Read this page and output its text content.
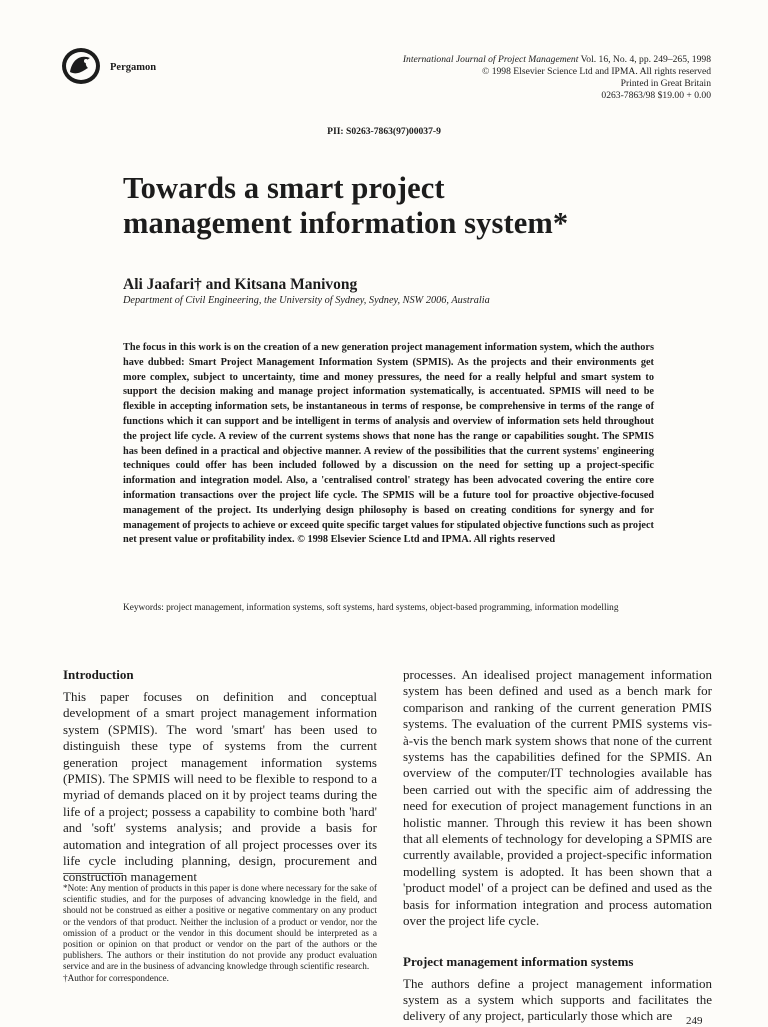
Pergamon
International Journal of Project Management Vol. 16, No. 4, pp. 249–265, 1998
© 1998 Elsevier Science Ltd and IPMA. All rights reserved
Printed in Great Britain
0263-7863/98 $19.00 + 0.00
PII: S0263-7863(97)00037-9
Towards a smart project
management information system*
Ali Jaafari† and Kitsana Manivong
Department of Civil Engineering, the University of Sydney, Sydney, NSW 2006, Australia
The focus in this work is on the creation of a new generation project management information system, which the authors have dubbed: Smart Project Management Information System (SPMIS). As the projects and their environments get more complex, subject to uncertainty, time and money pressures, the need for a really helpful and smart system to support the decision making and manage project information systematically, is accentuated. SPMIS will need to be flexible in accepting information sets, be instantaneous in terms of response, be comprehensive in terms of the range of functions which it can support and be intelligent in terms of analysis and overview of information sets held throughout the project life cycle. A review of the current systems shows that none has the range or capabilities sought. The SPMIS has been defined in a practical and objective manner. A review of the possibilities that the current systems' engineering techniques could offer has been included followed by a discussion on the need for setting up a project-specific information and integration model. Also, a 'centralised control' strategy has been advocated covering the entire core information transactions over the project life cycle. The SPMIS will be a future tool for proactive objective-focused management of the project. Its underlying design philosophy is based on creating conditions for synergy and for management of projects to achieve or exceed quite specific target values for stipulated objective functions such as project net present value or profitability index. © 1998 Elsevier Science Ltd and IPMA. All rights reserved
Keywords: project management, information systems, soft systems, hard systems, object-based programming, information modelling
Introduction

This paper focuses on definition and conceptual development of a smart project management information system (SPMIS). The word 'smart' has been used to distinguish these type of systems from the current generation project management information systems (PMIS). The SPMIS will need to be flexible to respond to a myriad of demands placed on it by project teams during the life of a project; possess a capability to combine both 'hard' and 'soft' systems analysis; and provide a basis for automation and integration of all project processes over its life cycle including planning, design, procurement and construction management

*Note: Any mention of products in this paper is done where necessary for the sake of scientific studies, and for the purposes of advancing knowledge in the field, and should not be construed as either a positive or negative commentary on any product or the vendors of that product. Neither the inclusion of a product or vendor, nor the omission of a product or the vendor in this document should be interpreted as a position or opinion on that product or vendor on the part of the authors or the publishers. The authors or their institution do not provide any product evaluation service and are in the business of advancing knowledge through scientific research.

†Author for correspondence.

processes. An idealised project management information system has been defined and used as a bench mark for comparison and ranking of the current generation PMIS systems. The evaluation of the current PMIS systems vis-à-vis the bench mark system shows that none of the current systems has the capabilities defined for the SPMIS. An overview of the computer/IT technologies available has been carried out with the specific aim of addressing the need for execution of project management functions in an holistic manner. Through this review it has been shown that all elements of technology for developing a SPMIS are currently available, provided a project-specific information modelling system is adopted. It has been shown that a 'product model' of a project can be defined and used as the basis for information integration and process automation over the project life cycle.

Project management information systems

The authors define a project management information system as a system which supports and facilitates the delivery of any project, particularly those which are	249
